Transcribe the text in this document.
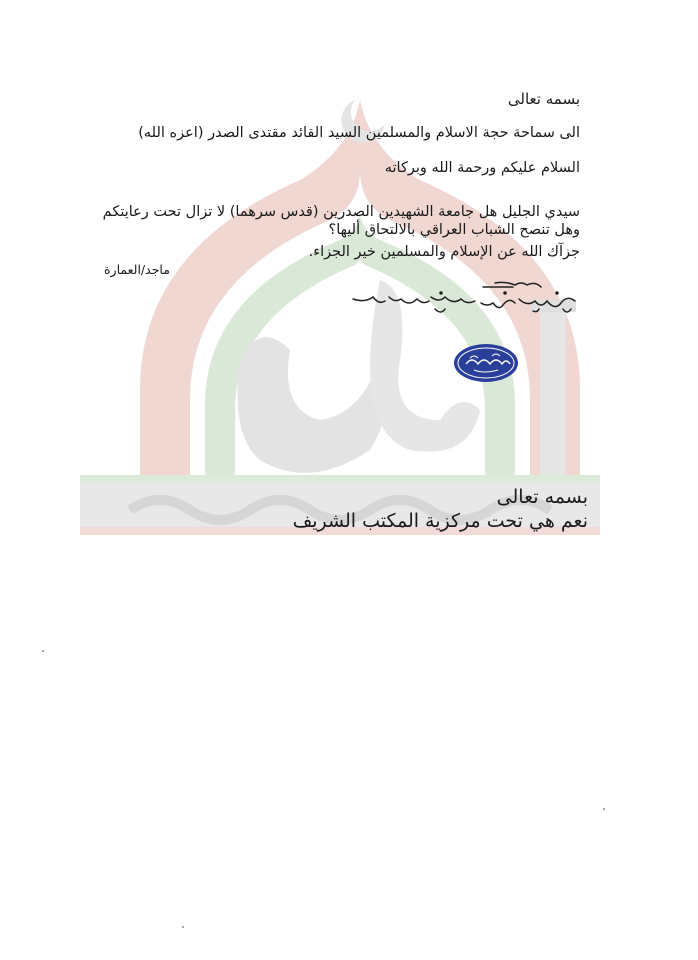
بسمه تعالى
الى سماحة حجة الاسلام والمسلمين السيد القائد مقتدى الصدر (اعزه الله)
السلام عليكم ورحمة الله وبركاته
سيدي الجليل هل جامعة الشهيدين الصدرين (قدس سرهما) لا تزال تحت رعايتكم
وهل تنصح الشباب العراقي بالالتحاق أليها؟
جزآك الله عن الإسلام والمسلمين خير الجزاء.
ماجد/العمارة
بسمه تعالى
نعم هي تحت مركزية المكتب الشريف
